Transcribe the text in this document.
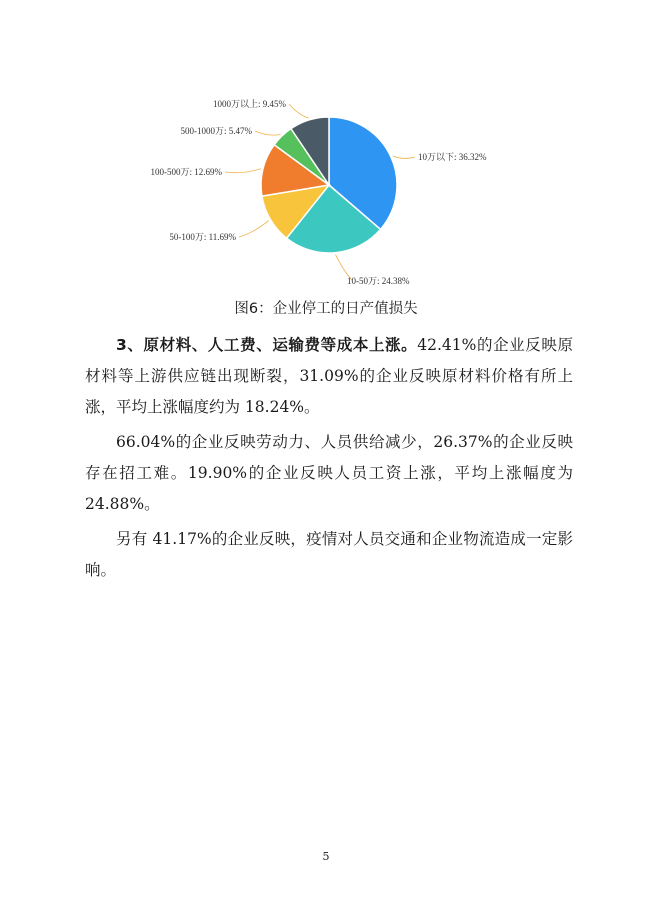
10万以下: 36.32%
10-50万: 24.38%
50-100万: 11.69%
100-500万: 12.69%
500-1000万: 5.47%
1000万以上: 9.45%
图6：企业停工的日产值损失

3、原材料、人工费、运输费等成本上涨。42.41%的企业反映原材料等上游供应链出现断裂，31.09%的企业反映原材料价格有所上涨，平均上涨幅度约为 18.24%。

66.04%的企业反映劳动力、人员供给减少，26.37%的企业反映存在招工难。19.90%的企业反映人员工资上涨，平均上涨幅度为 24.88%。

另有 41.17%的企业反映，疫情对人员交通和企业物流造成一定影响。

5
